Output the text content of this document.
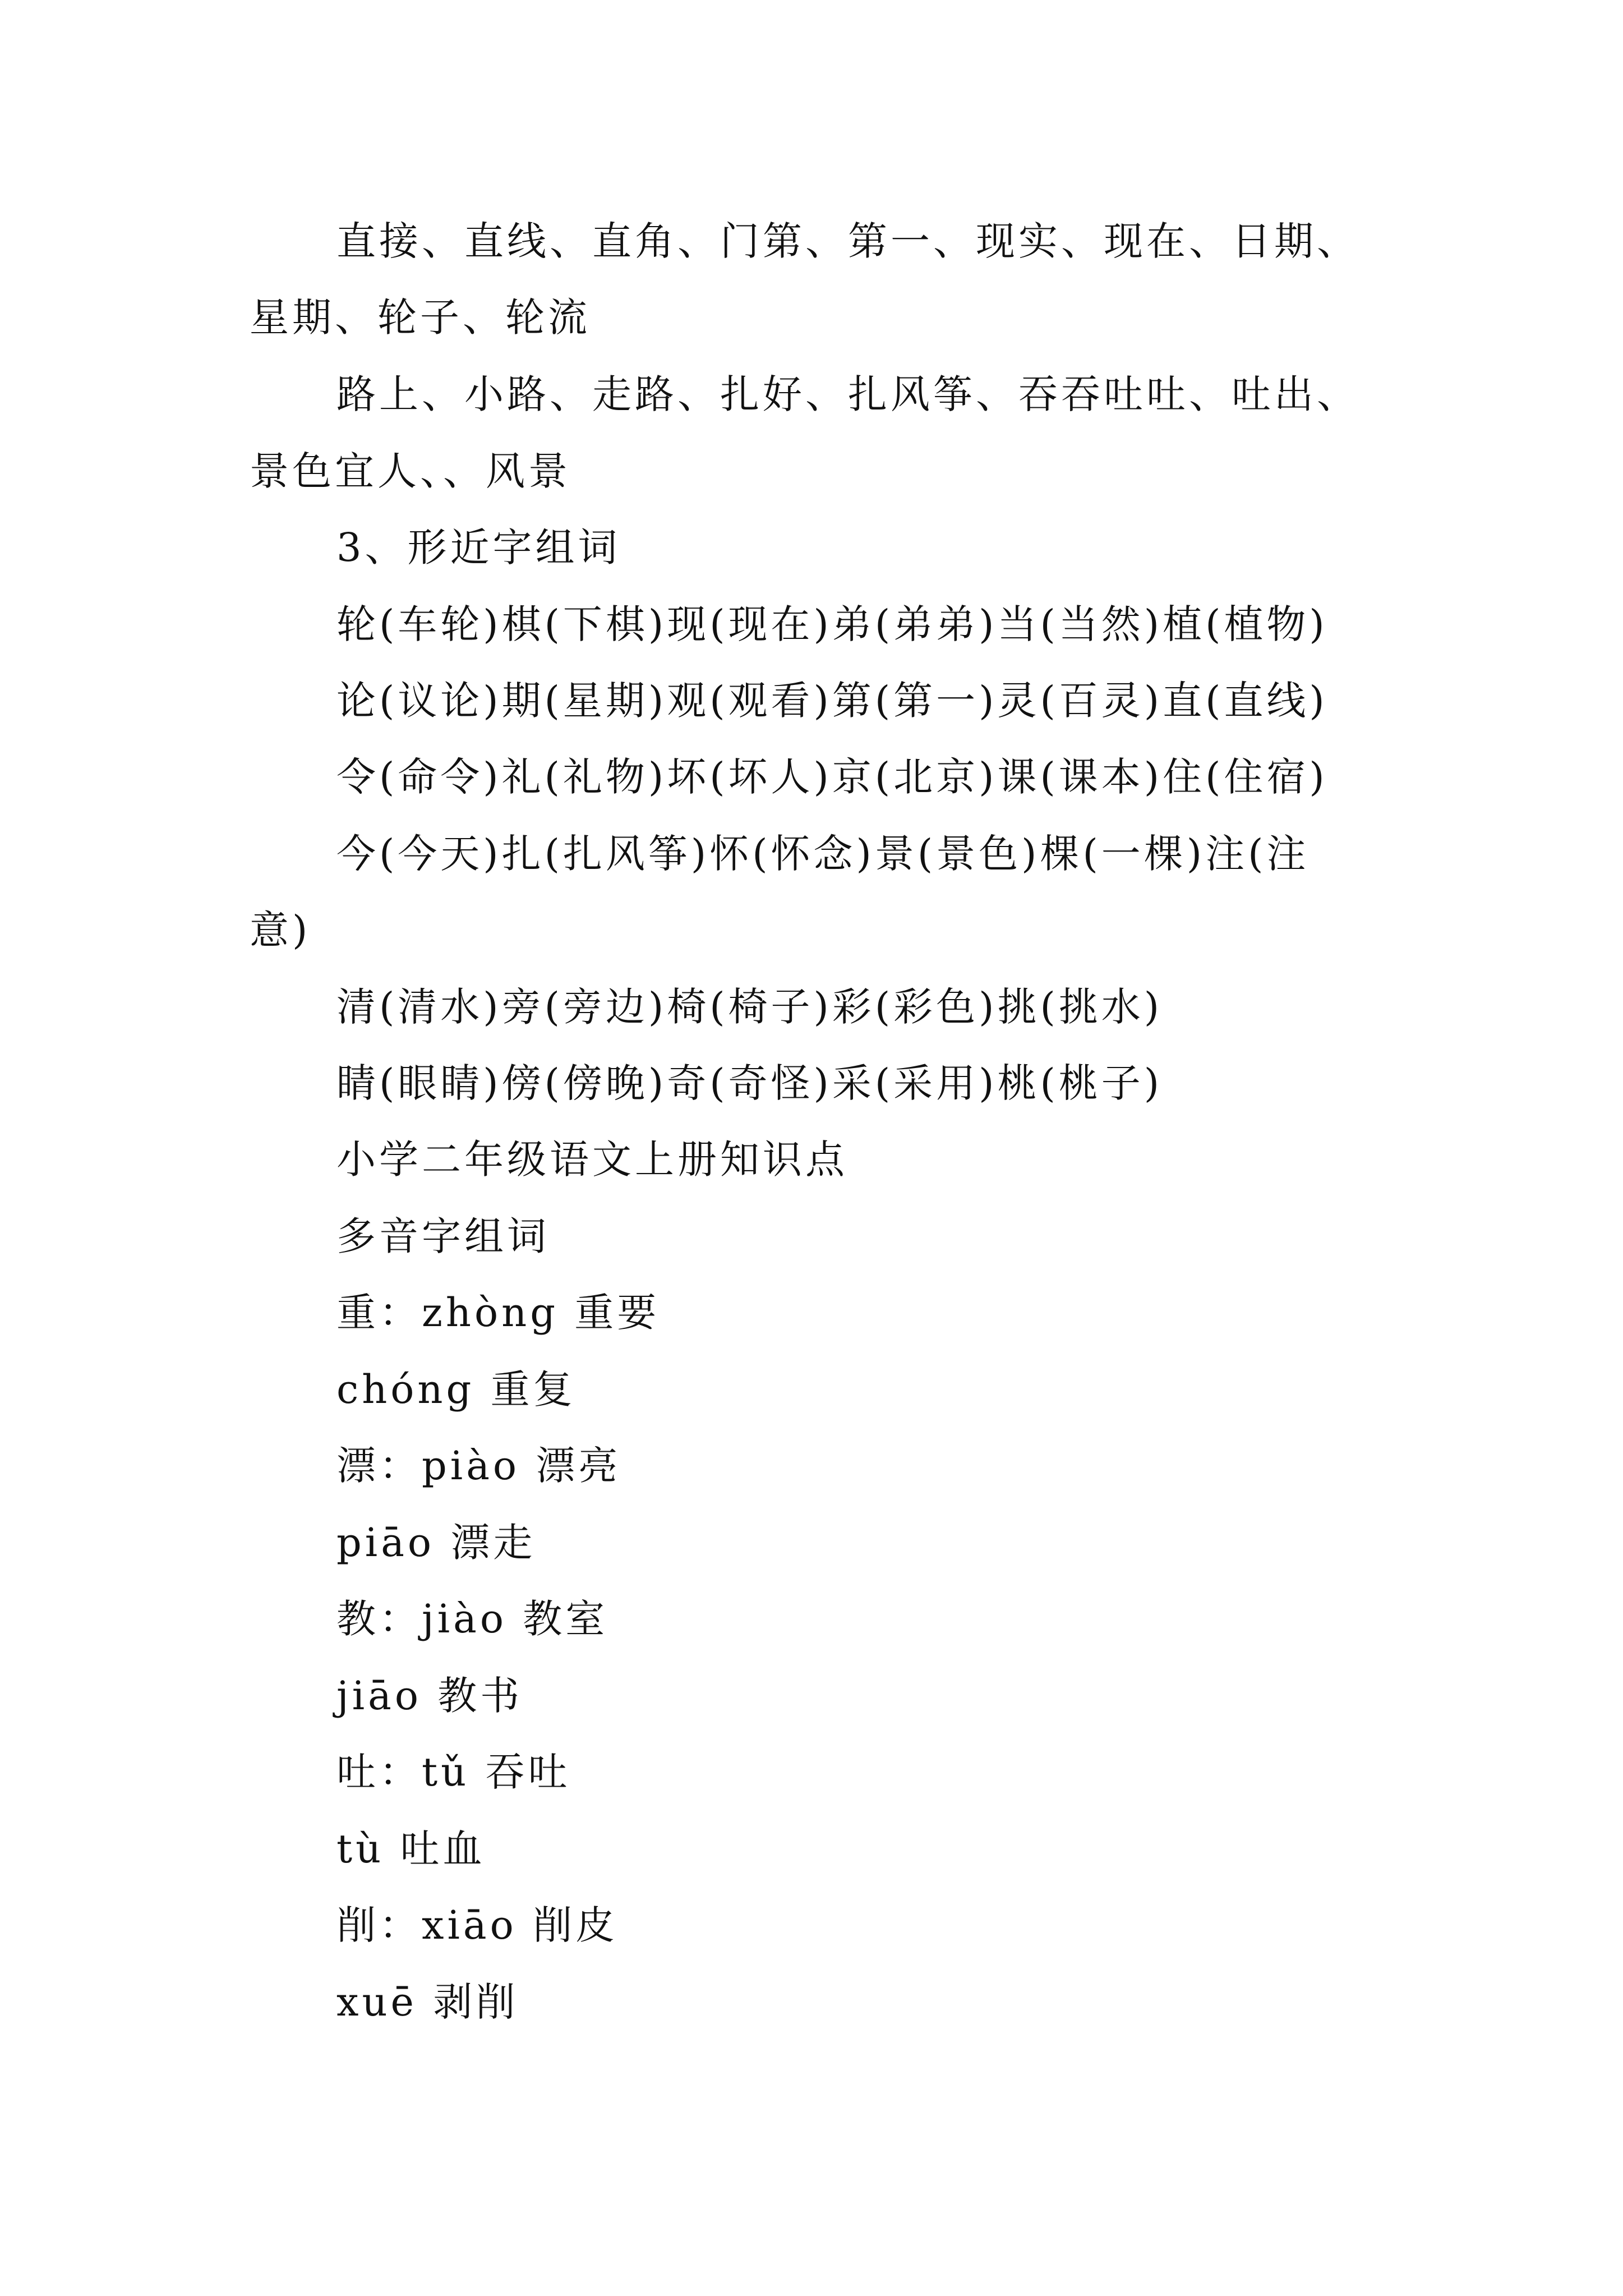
直接、直线、直角、门第、第一、现实、现在、日期、
星期、轮子、轮流
路上、小路、走路、扎好、扎风筝、吞吞吐吐、吐出、
景色宜人、、风景
3、形近字组词
轮(车轮)棋(下棋)现(现在)弟(弟弟)当(当然)植(植物)
论(议论)期(星期)观(观看)第(第一)灵(百灵)直(直线)
令(命令)礼(礼物)坏(坏人)京(北京)课(课本)住(住宿)
今(今天)扎(扎风筝)怀(怀念)景(景色)棵(一棵)注(注
意)
清(清水)旁(旁边)椅(椅子)彩(彩色)挑(挑水)
睛(眼睛)傍(傍晚)奇(奇怪)采(采用)桃(桃子)
小学二年级语文上册知识点
多音字组词
重：zhòng 重要
chóng 重复
漂：piào 漂亮
piāo 漂走
教：jiào 教室
jiāo 教书
吐：tǔ 吞吐
tù 吐血
削：xiāo 削皮
xuē 剥削
